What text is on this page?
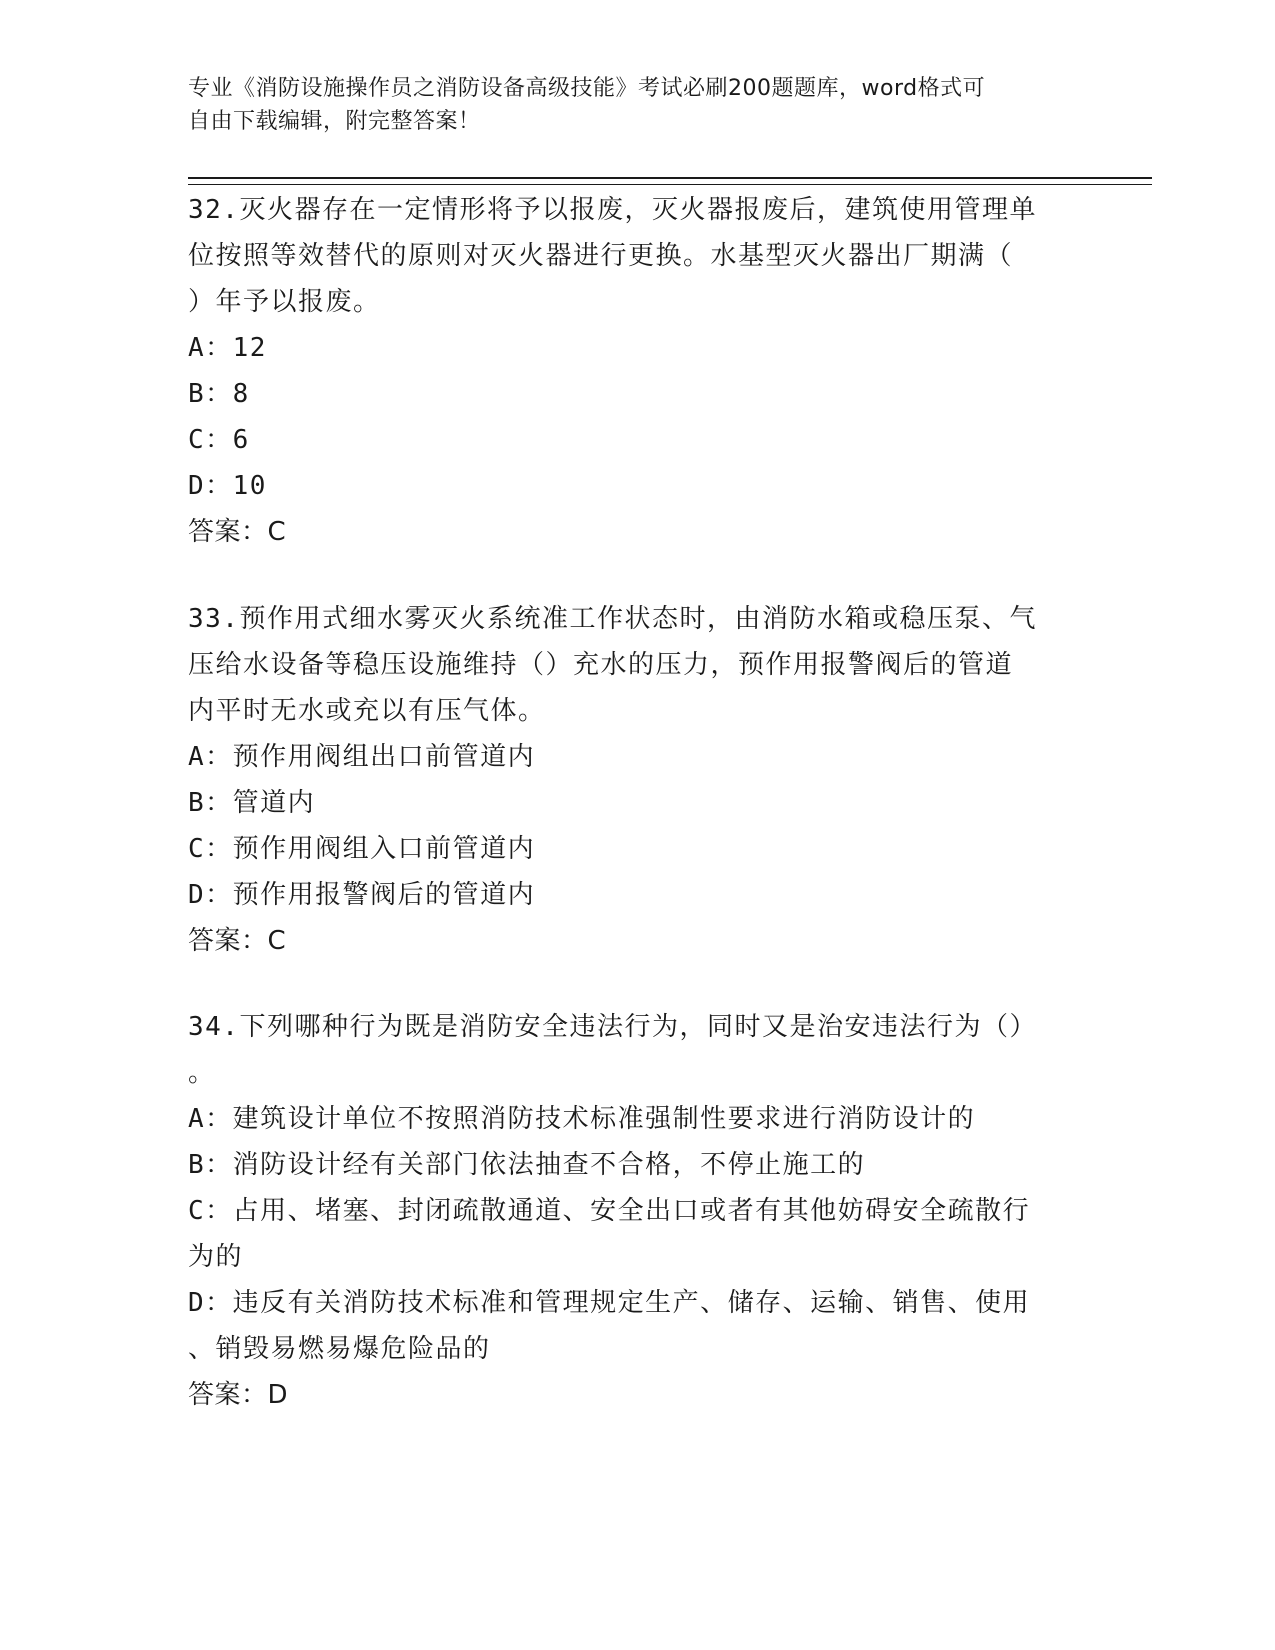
专业《消防设施操作员之消防设备高级技能》考试必刷200题题库，word格式可
自由下载编辑，附完整答案！

32.灭火器存在一定情形将予以报废，灭火器报废后，建筑使用管理单

位按照等效替代的原则对灭火器进行更换。水基型灭火器出厂期满（

）年予以报废。

A：12

B：8

C：6

D：10

答案：C

33.预作用式细水雾灭火系统准工作状态时，由消防水箱或稳压泵、气

压给水设备等稳压设施维持（）充水的压力，预作用报警阀后的管道

内平时无水或充以有压气体。

A：预作用阀组出口前管道内

B：管道内

C：预作用阀组入口前管道内

D：预作用报警阀后的管道内

答案：C

34.下列哪种行为既是消防安全违法行为，同时又是治安违法行为（）

。

A：建筑设计单位不按照消防技术标准强制性要求进行消防设计的

B：消防设计经有关部门依法抽查不合格，不停止施工的

C：占用、堵塞、封闭疏散通道、安全出口或者有其他妨碍安全疏散行

为的

D：违反有关消防技术标准和管理规定生产、储存、运输、销售、使用

、销毁易燃易爆危险品的

答案：D
